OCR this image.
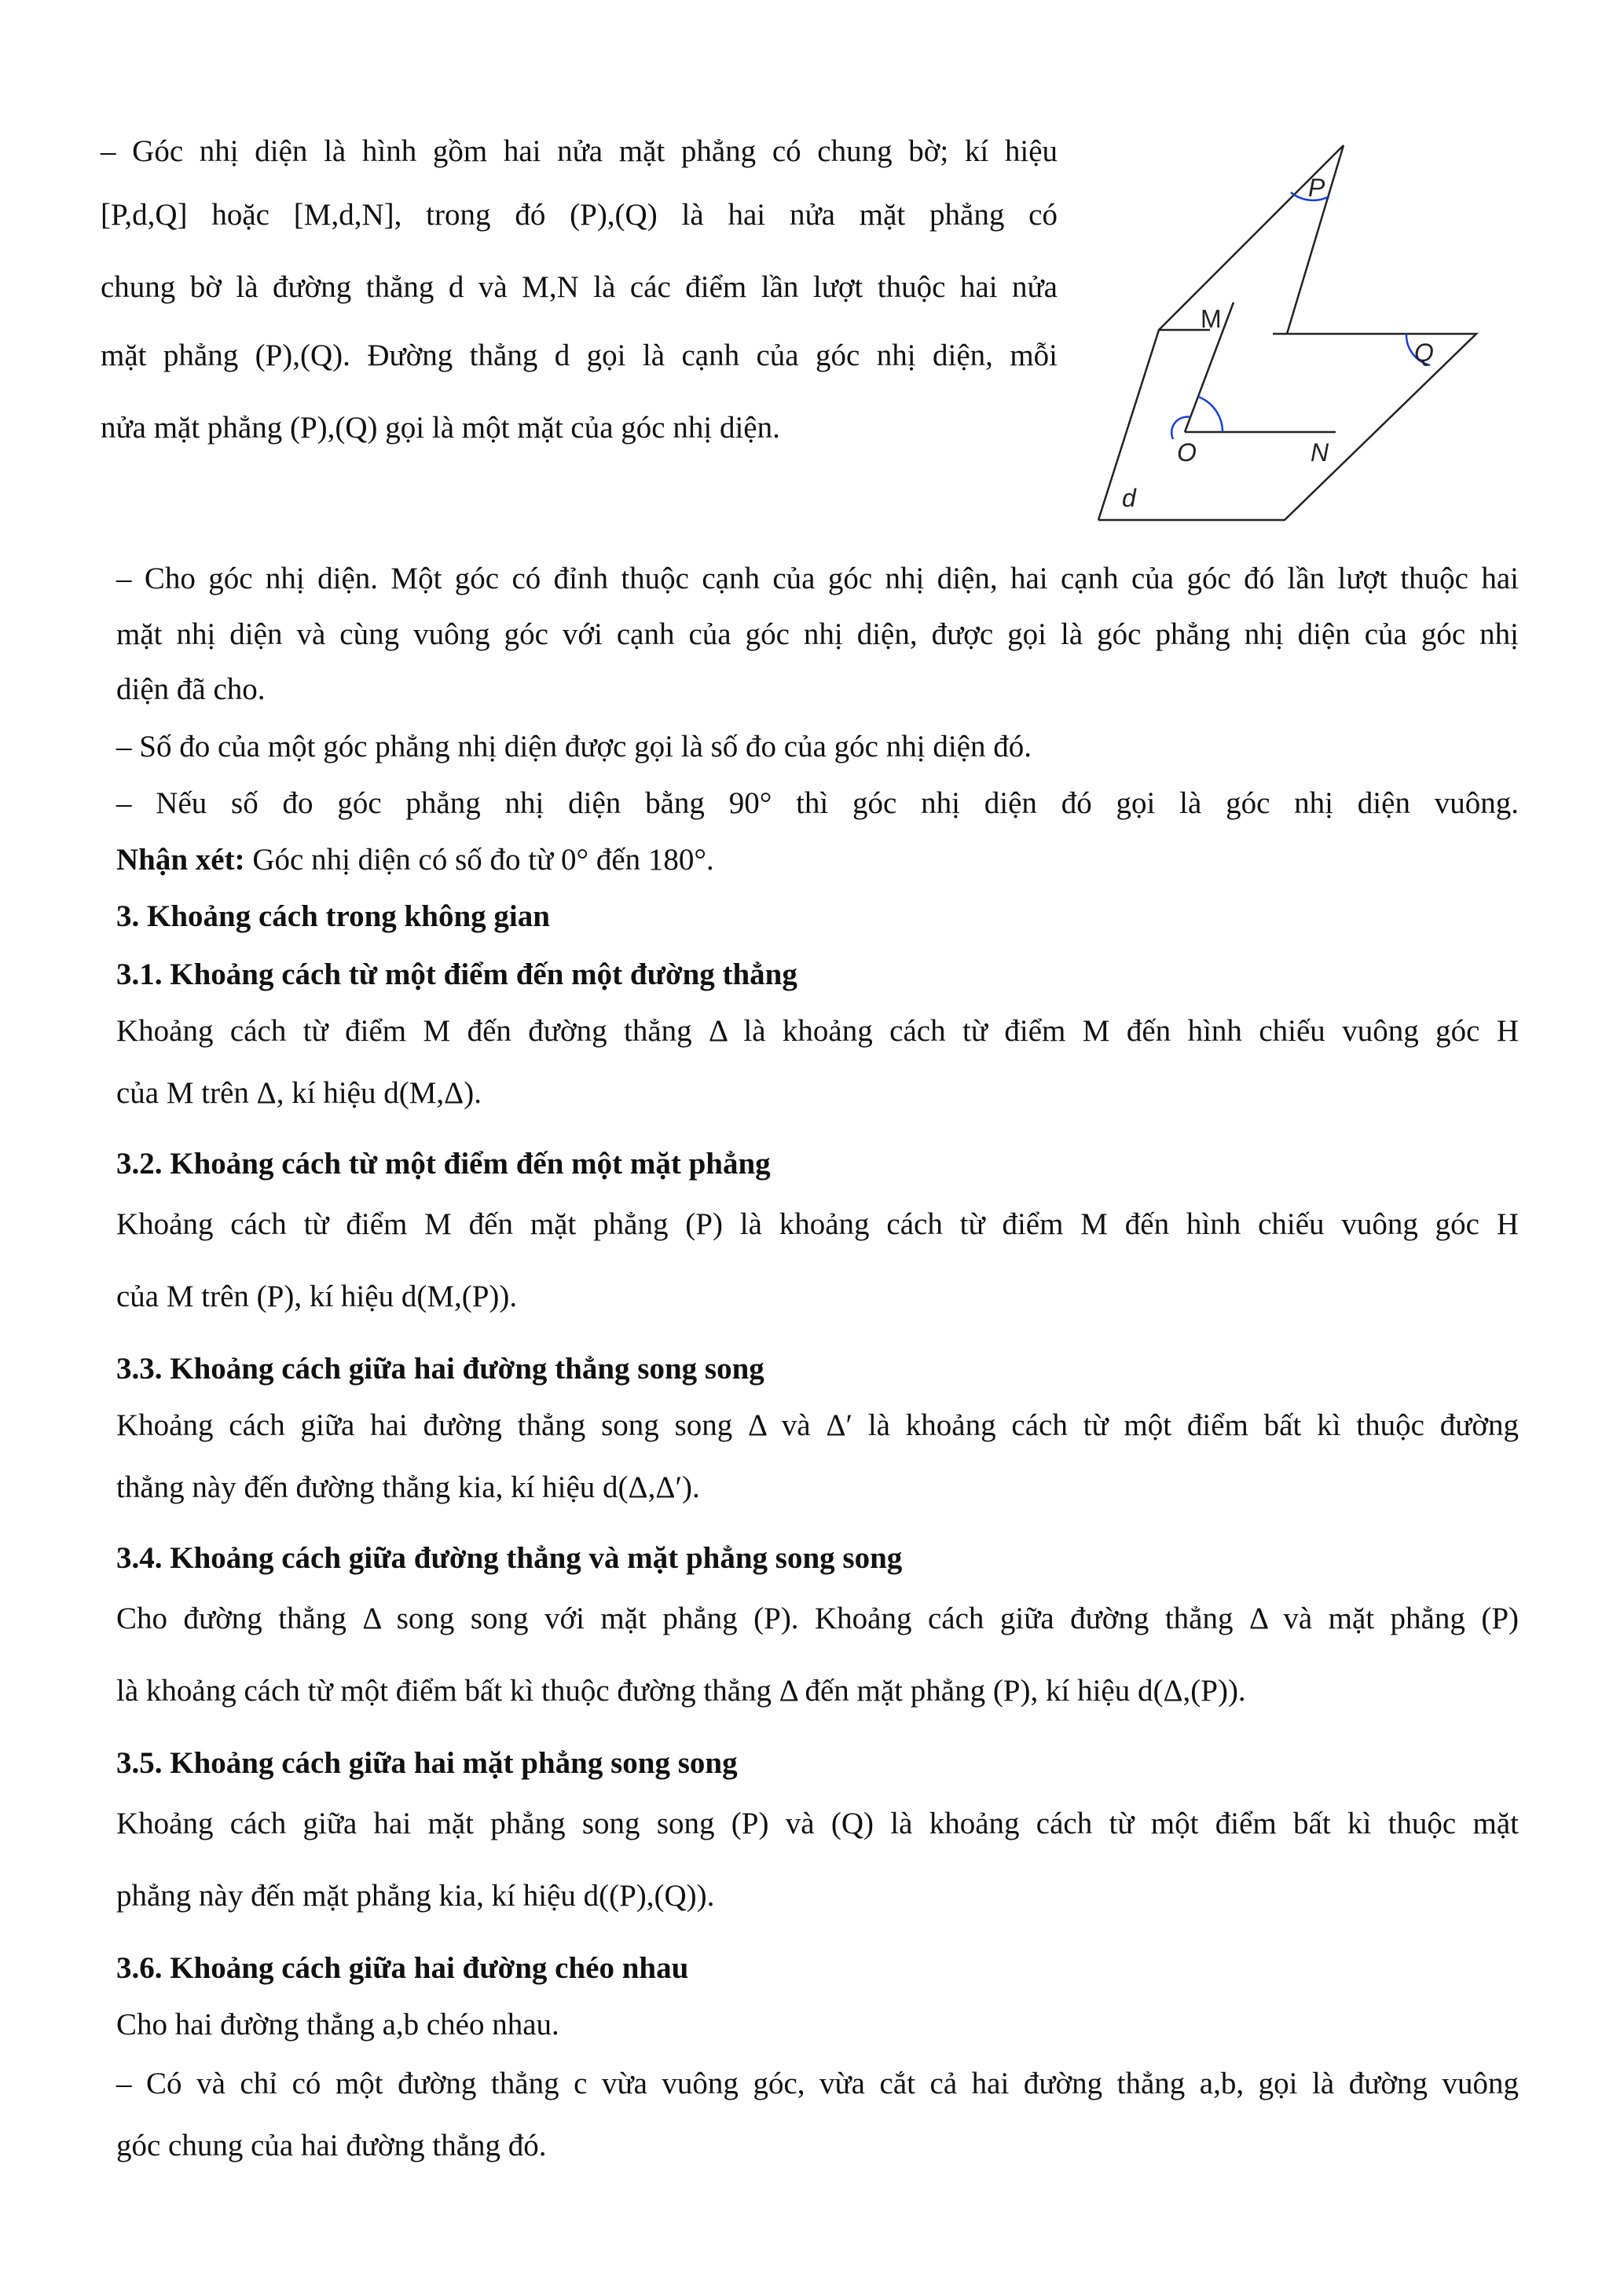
– Góc nhị diện là hình gồm hai nửa mặt phẳng có chung bờ; kí hiệu

[P,d,Q] hoặc [M,d,N], trong đó (P),(Q) là hai nửa mặt phẳng có

chung bờ là đường thẳng d và M,N là các điểm lần lượt thuộc hai nửa

mặt phẳng (P),(Q). Đường thẳng d gọi là cạnh của góc nhị diện, mỗi

nửa mặt phẳng (P),(Q) gọi là một mặt của góc nhị diện.

P
Q
M
N
O
d

– Cho góc nhị diện. Một góc có đỉnh thuộc cạnh của góc nhị diện, hai cạnh của góc đó lần lượt thuộc hai

mặt nhị diện và cùng vuông góc với cạnh của góc nhị diện, được gọi là góc phẳng nhị diện của góc nhị

diện đã cho.

– Số đo của một góc phẳng nhị diện được gọi là số đo của góc nhị diện đó.

– Nếu số đo góc phẳng nhị diện bằng 90° thì góc nhị diện đó gọi là góc nhị diện vuông.

Nhận xét: Góc nhị diện có số đo từ 0° đến 180°.

3. Khoảng cách trong không gian

3.1. Khoảng cách từ một điểm đến một đường thẳng

Khoảng cách từ điểm M đến đường thẳng Δ là khoảng cách từ điểm M đến hình chiếu vuông góc H

của M trên Δ, kí hiệu d(M,Δ).

3.2. Khoảng cách từ một điểm đến một mặt phẳng

Khoảng cách từ điểm M đến mặt phẳng (P) là khoảng cách từ điểm M đến hình chiếu vuông góc H

của M trên (P), kí hiệu d(M,(P)).

3.3. Khoảng cách giữa hai đường thẳng song song

Khoảng cách giữa hai đường thẳng song song Δ và Δ′ là khoảng cách từ một điểm bất kì thuộc đường

thẳng này đến đường thẳng kia, kí hiệu d(Δ,Δ′).

3.4. Khoảng cách giữa đường thẳng và mặt phẳng song song

Cho đường thẳng Δ song song với mặt phẳng (P). Khoảng cách giữa đường thẳng Δ và mặt phẳng (P)

là khoảng cách từ một điểm bất kì thuộc đường thẳng Δ đến mặt phẳng (P), kí hiệu d(Δ,(P)).

3.5. Khoảng cách giữa hai mặt phẳng song song

Khoảng cách giữa hai mặt phẳng song song (P) và (Q) là khoảng cách từ một điểm bất kì thuộc mặt

phẳng này đến mặt phẳng kia, kí hiệu d((P),(Q)).

3.6. Khoảng cách giữa hai đường chéo nhau

Cho hai đường thẳng a,b chéo nhau.

– Có và chỉ có một đường thẳng c vừa vuông góc, vừa cắt cả hai đường thẳng a,b, gọi là đường vuông

góc chung của hai đường thẳng đó.
